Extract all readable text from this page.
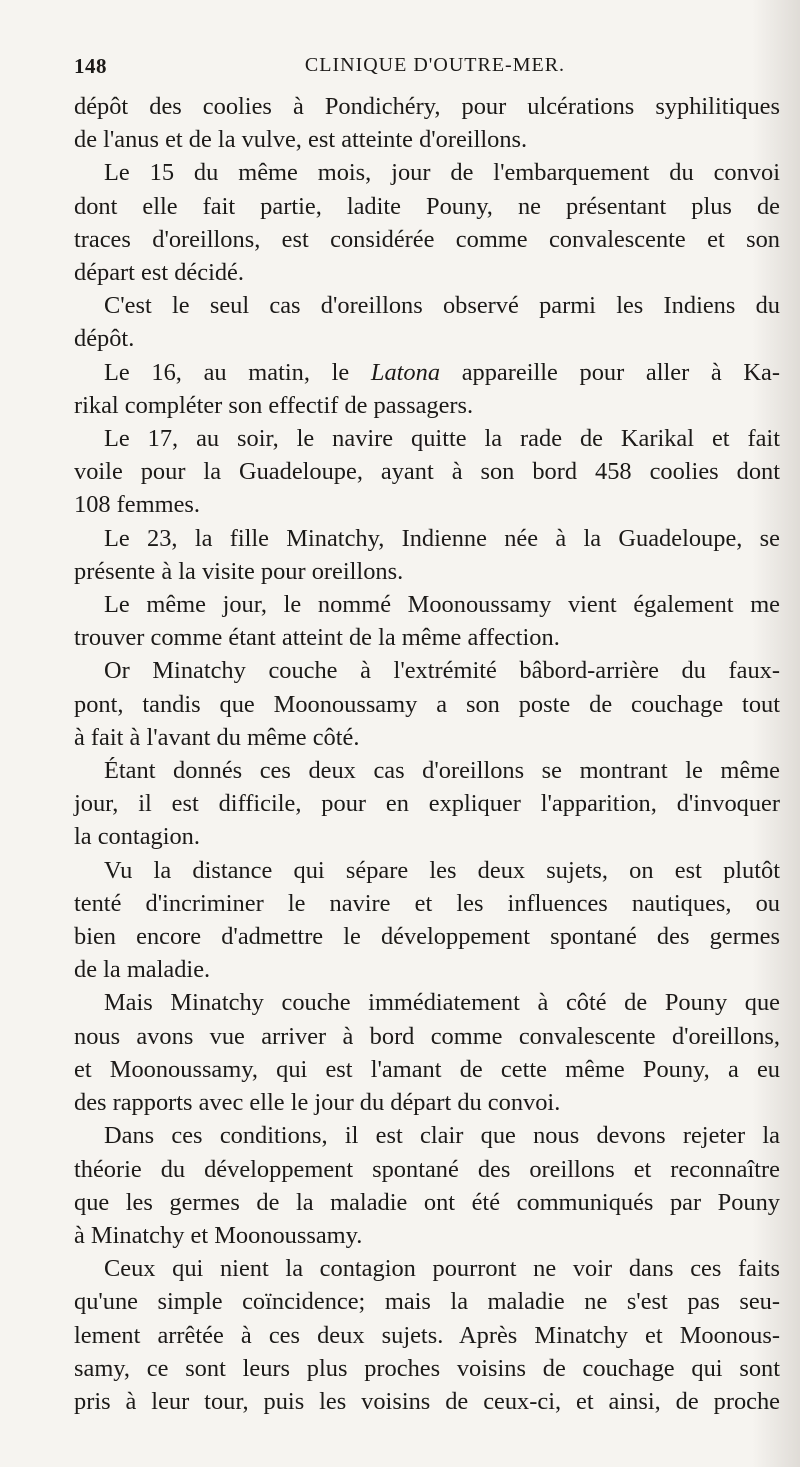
148	CLINIQUE D'OUTRE-MER.

dépôt des coolies à Pondichéry, pour ulcérations syphilitiques
de l'anus et de la vulve, est atteinte d'oreillons.

Le 15 du même mois, jour de l'embarquement du convoi
dont elle fait partie, ladite Pouny, ne présentant plus de
traces d'oreillons, est considérée comme convalescente et son
départ est décidé.

C'est le seul cas d'oreillons observé parmi les Indiens du
dépôt.

Le 16, au matin, le Latona appareille pour aller à Ka-
rikal compléter son effectif de passagers.

Le 17, au soir, le navire quitte la rade de Karikal et fait
voile pour la Guadeloupe, ayant à son bord 458 coolies dont
108 femmes.

Le 23, la fille Minatchy, Indienne née à la Guadeloupe, se
présente à la visite pour oreillons.

Le même jour, le nommé Moonoussamy vient également me
trouver comme étant atteint de la même affection.

Or Minatchy couche à l'extrémité bâbord-arrière du faux-
pont, tandis que Moonoussamy a son poste de couchage tout
à fait à l'avant du même côté.

Étant donnés ces deux cas d'oreillons se montrant le même
jour, il est difficile, pour en expliquer l'apparition, d'invoquer
la contagion.

Vu la distance qui sépare les deux sujets, on est plutôt
tenté d'incriminer le navire et les influences nautiques, ou
bien encore d'admettre le développement spontané des germes
de la maladie.

Mais Minatchy couche immédiatement à côté de Pouny que
nous avons vue arriver à bord comme convalescente d'oreillons,
et Moonoussamy, qui est l'amant de cette même Pouny, a eu
des rapports avec elle le jour du départ du convoi.

Dans ces conditions, il est clair que nous devons rejeter la
théorie du développement spontané des oreillons et reconnaître
que les germes de la maladie ont été communiqués par Pouny
à Minatchy et Moonoussamy.

Ceux qui nient la contagion pourront ne voir dans ces faits
qu'une simple coïncidence; mais la maladie ne s'est pas seu-
lement arrêtée à ces deux sujets. Après Minatchy et Moonous-
samy, ce sont leurs plus proches voisins de couchage qui sont
pris à leur tour, puis les voisins de ceux-ci, et ainsi, de proche
